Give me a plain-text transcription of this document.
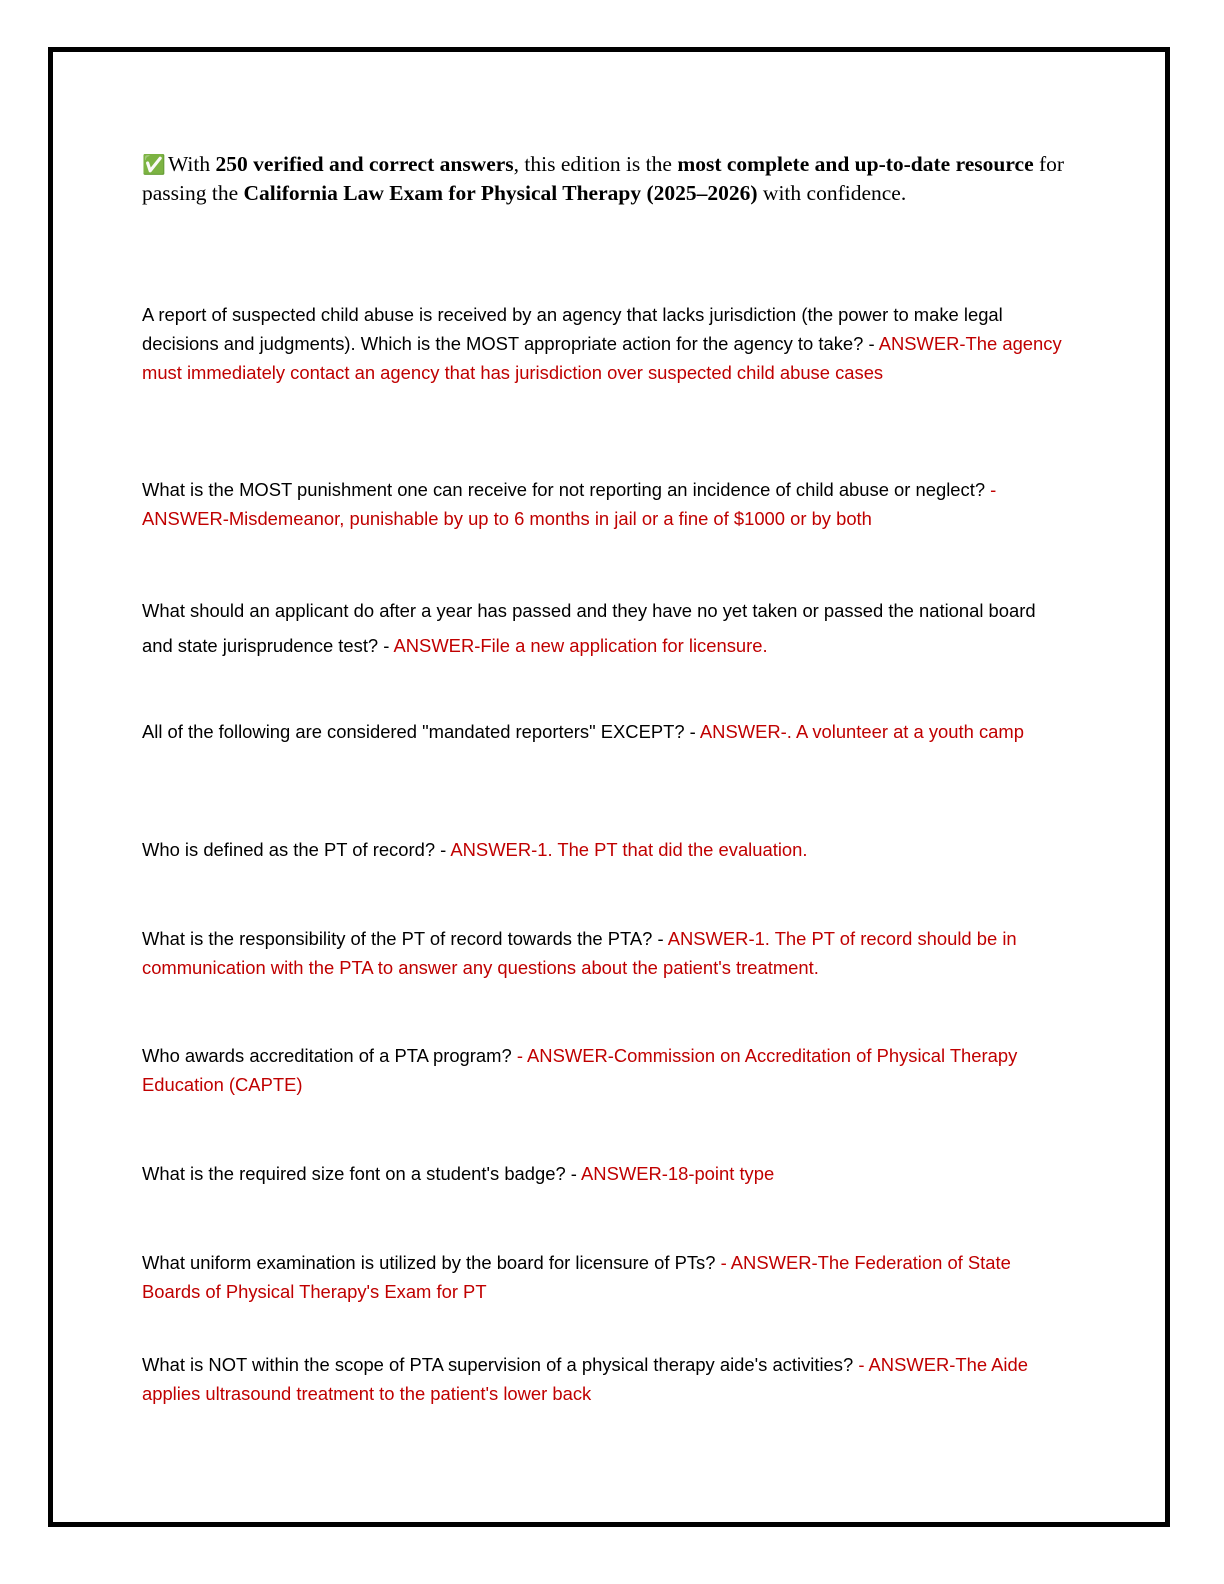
✅ With 250 verified and correct answers, this edition is the most complete and up-to-date resource for passing the California Law Exam for Physical Therapy (2025–2026) with confidence.

A report of suspected child abuse is received by an agency that lacks jurisdiction (the power to make legal decisions and judgments). Which is the MOST appropriate action for the agency to take? - ANSWER-The agency must immediately contact an agency that has jurisdiction over suspected child abuse cases

What is the MOST punishment one can receive for not reporting an incidence of child abuse or neglect? - ANSWER-Misdemeanor, punishable by up to 6 months in jail or a fine of $1000 or by both

What should an applicant do after a year has passed and they have no yet taken or passed the national board and state jurisprudence test? - ANSWER-File a new application for licensure.

All of the following are considered "mandated reporters" EXCEPT? - ANSWER-. A volunteer at a youth camp

Who is defined as the PT of record? - ANSWER-1. The PT that did the evaluation.

What is the responsibility of the PT of record towards the PTA? - ANSWER-1. The PT of record should be in communication with the PTA to answer any questions about the patient's treatment.

Who awards accreditation of a PTA program? - ANSWER-Commission on Accreditation of Physical Therapy Education (CAPTE)

What is the required size font on a student's badge? - ANSWER-18-point type

What uniform examination is utilized by the board for licensure of PTs? - ANSWER-The Federation of State Boards of Physical Therapy's Exam for PT

What is NOT within the scope of PTA supervision of a physical therapy aide's activities? - ANSWER-The Aide applies ultrasound treatment to the patient's lower back
